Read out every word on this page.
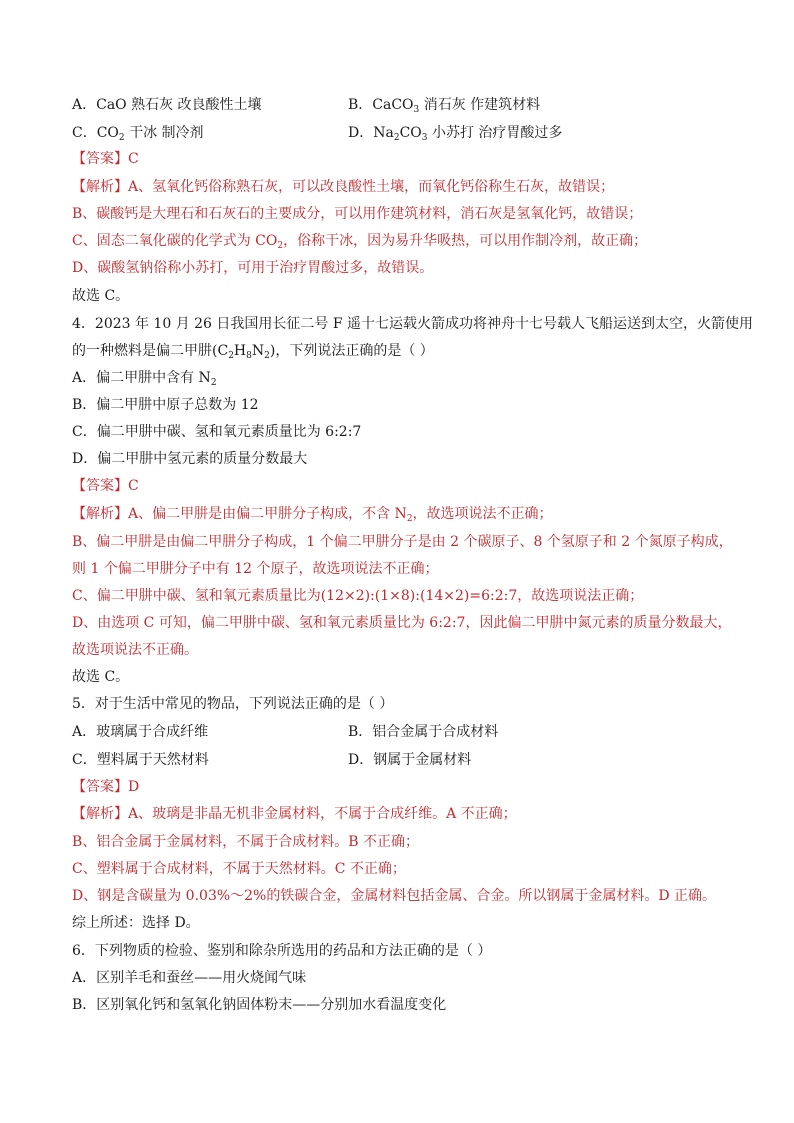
A．CaO 熟石灰 改良酸性土壤	B．CaCO$_3$ 消石灰 作建筑材料
C．$CO_2$ 干冰 制冷剂	D．$Na_2CO_3$ 小苏打 治疗胃酸过多
【答案】C
【解析】A、氢氧化钙俗称熟石灰，可以改良酸性土壤，而氧化钙俗称生石灰，故错误；
B、碳酸钙是大理石和石灰石的主要成分，可以用作建筑材料，消石灰是氢氧化钙，故错误；
C、固态二氧化碳的化学式为 $CO_2$，俗称干冰，因为易升华吸热，可以用作制冷剂，故正确；
D、碳酸氢钠俗称小苏打，可用于治疗胃酸过多，故错误。
故选 C。
4．2023 年 10 月 26 日我国用长征二号 F 遥十七运载火箭成功将神舟十七号载人飞船运送到太空，火箭使用
的一种燃料是偏二甲肼$(C_2H_8N_2)$，下列说法正确的是（ ）
A．偏二甲肼中含有 $N_2$
B．偏二甲肼中原子总数为 12
C．偏二甲肼中碳、氢和氧元素质量比为 6:2:7
D．偏二甲肼中氢元素的质量分数最大
【答案】C
【解析】A、偏二甲肼是由偏二甲肼分子构成，不含 $N_2$，故选项说法不正确；
B、偏二甲肼是由偏二甲肼分子构成，1 个偏二甲肼分子是由 2 个碳原子、8 个氢原子和 2 个氮原子构成，
则 1 个偏二甲肼分子中有 12 个原子，故选项说法不正确；
C、偏二甲肼中碳、氢和氧元素质量比为(12×2):(1×8):(14×2)=6:2:7，故选项说法正确；
D、由选项 C 可知，偏二甲肼中碳、氢和氧元素质量比为 6:2:7，因此偏二甲肼中氮元素的质量分数最大，
故选项说法不正确。
故选 C。
5．对于生活中常见的物品，下列说法正确的是（ ）
A．玻璃属于合成纤维	B．铝合金属于合成材料
C．塑料属于天然材料	D．钢属于金属材料
【答案】D
【解析】A、玻璃是非晶无机非金属材料，不属于合成纤维。A 不正确；
B、铝合金属于金属材料，不属于合成材料。B 不正确；
C、塑料属于合成材料，不属于天然材料。C 不正确；
D、钢是含碳量为 0.03%～2%的铁碳合金，金属材料包括金属、合金。所以钢属于金属材料。D 正确。
综上所述：选择 D。
6．下列物质的检验、鉴别和除杂所选用的药品和方法正确的是（ ）
A．区别羊毛和蚕丝——用火烧闻气味
B．区别氧化钙和氢氧化钠固体粉末——分别加水看温度变化
